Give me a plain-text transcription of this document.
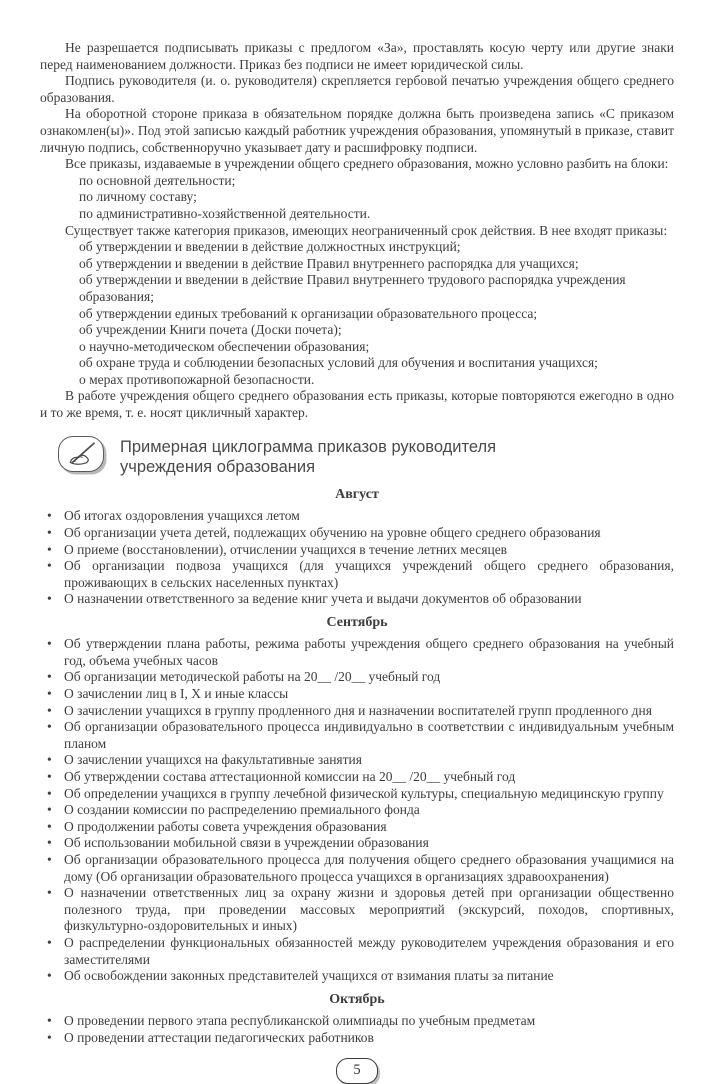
Не разрешается подписывать приказы с предлогом «За», проставлять косую черту или другие знаки перед наименованием должности. Приказ без подписи не имеет юридической силы.

Подпись руководителя (и. о. руководителя) скрепляется гербовой печатью учреждения общего среднего образования.

На оборотной стороне приказа в обязательном порядке должна быть произведена запись «С приказом ознакомлен(ы)». Под этой записью каждый работник учреждения образования, упомянутый в приказе, ставит личную подпись, собственноручно указывает дату и расшифровку подписи.

Все приказы, издаваемые в учреждении общего среднего образования, можно условно разбить на блоки:

по основной деятельности;
по личному составу;
по административно-хозяйственной деятельности.

Существует также категория приказов, имеющих неограниченный срок действия. В нее входят приказы:

об утверждении и введении в действие должностных инструкций;
об утверждении и введении в действие Правил внутреннего распорядка для учащихся;
об утверждении и введении в действие Правил внутреннего трудового распорядка учреждения образования;
об утверждении единых требований к организации образовательного процесса;
об учреждении Книги почета (Доски почета);
о научно-методическом обеспечении образования;
об охране труда и соблюдении безопасных условий для обучения и воспитания учащихся;
о мерах противопожарной безопасности.

В работе учреждения общего среднего образования есть приказы, которые повторяются ежегодно в одно и то же время, т. е. носят цикличный характер.

Примерная циклограмма приказов руководителя учреждения образования
Август
• Об итогах оздоровления учащихся летом
• Об организации учета детей, подлежащих обучению на уровне общего среднего образования
• О приеме (восстановлении), отчислении учащихся в течение летних месяцев
• Об организации подвоза учащихся (для учащихся учреждений общего среднего образования, проживающих в сельских населенных пунктах)
• О назначении ответственного за ведение книг учета и выдачи документов об образовании
Сентябрь
• Об утверждении плана работы, режима работы учреждения общего среднего образования на учебный год, объема учебных часов
• Об организации методической работы на 20__ /20__ учебный год
• О зачислении лиц в I, X и иные классы
• О зачислении учащихся в группу продленного дня и назначении воспитателей групп продленного дня
• Об организации образовательного процесса индивидуально в соответствии с индивидуальным учебным планом
• О зачислении учащихся на факультативные занятия
• Об утверждении состава аттестационной комиссии на 20__ /20__ учебный год
• Об определении учащихся в группу лечебной физической культуры, специальную медицинскую группу
• О создании комиссии по распределению премиального фонда
• О продолжении работы совета учреждения образования
• Об использовании мобильной связи в учреждении образования
• Об организации образовательного процесса для получения общего среднего образования учащимися на дому (Об организации образовательного процесса учащихся в организациях здравоохранения)
• О назначении ответственных лиц за охрану жизни и здоровья детей при организации общественно полезного труда, при проведении массовых мероприятий (экскурсий, походов, спортивных, физкультурно-оздоровительных и иных)
• О распределении функциональных обязанностей между руководителем учреждения образования и его заместителями
• Об освобождении законных представителей учащихся от взимания платы за питание
Октябрь
• О проведении первого этапа республиканской олимпиады по учебным предметам
• О проведении аттестации педагогических работников
5
